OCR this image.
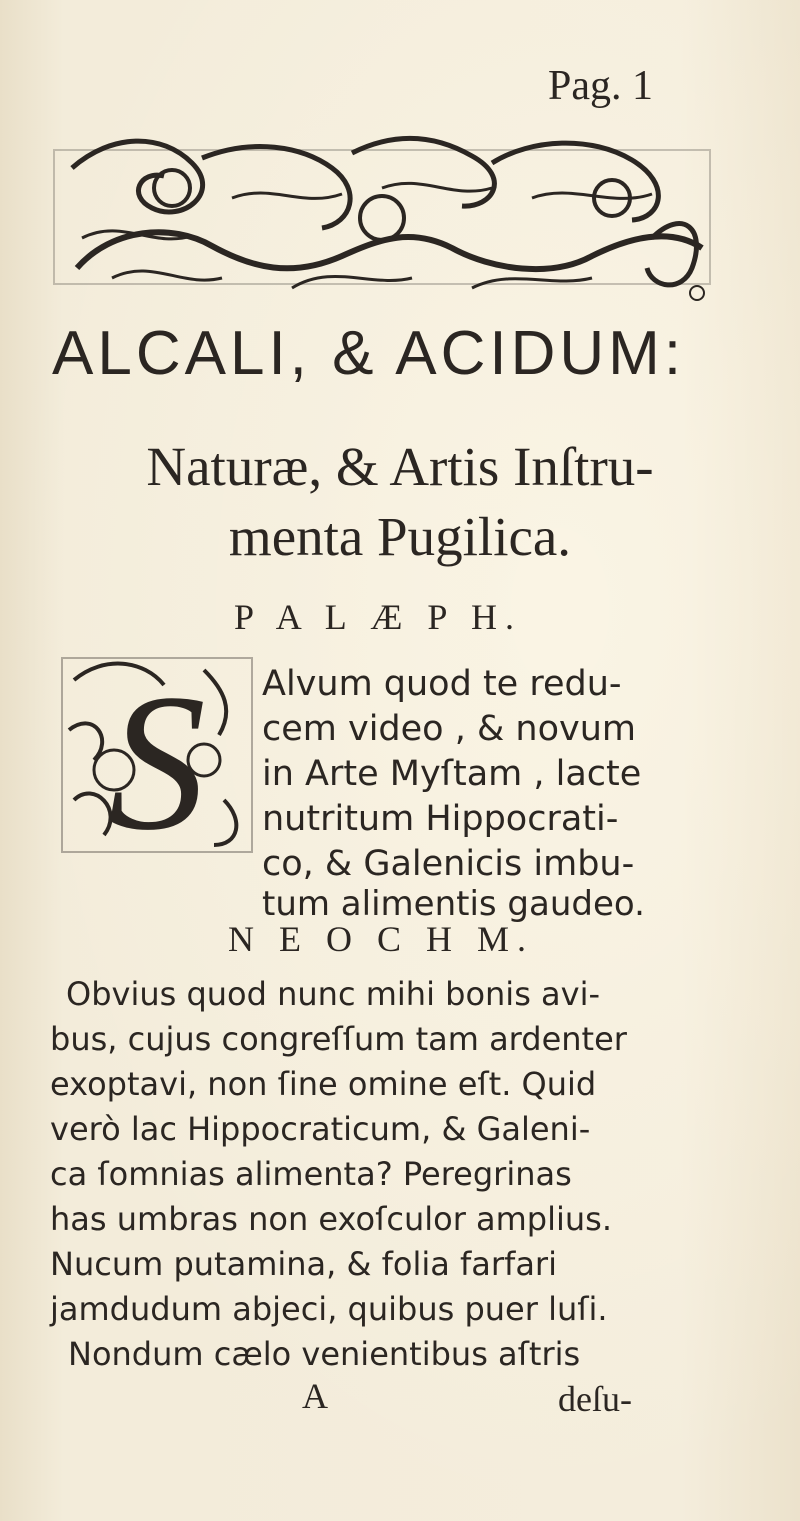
Pag. 1
ALCALI, & ACIDUM:
Naturæ, & Artis Inſtru-
menta Pugilica.
P A L Æ P H.
S Alvum quod te redu-
cem video , & novum
in Arte Myſtam , lacte
nutritum Hippocrati-
co, & Galenicis imbu-
tum alimentis gaudeo.
N E O C H M.
Obvius quod nunc mihi bonis avi-
bus, cujus congreſſum tam ardenter
exoptavi, non ſine omine eſt. Quid
verò lac Hippocraticum, & Galeni-
ca ſomnias alimenta? Peregrinas
has umbras non exoſculor amplius.
Nucum putamina, & folia farfari
jamdudum abjeci, quibus puer luſi.
Nondum cælo venientibus aſtris
A	deſu-
